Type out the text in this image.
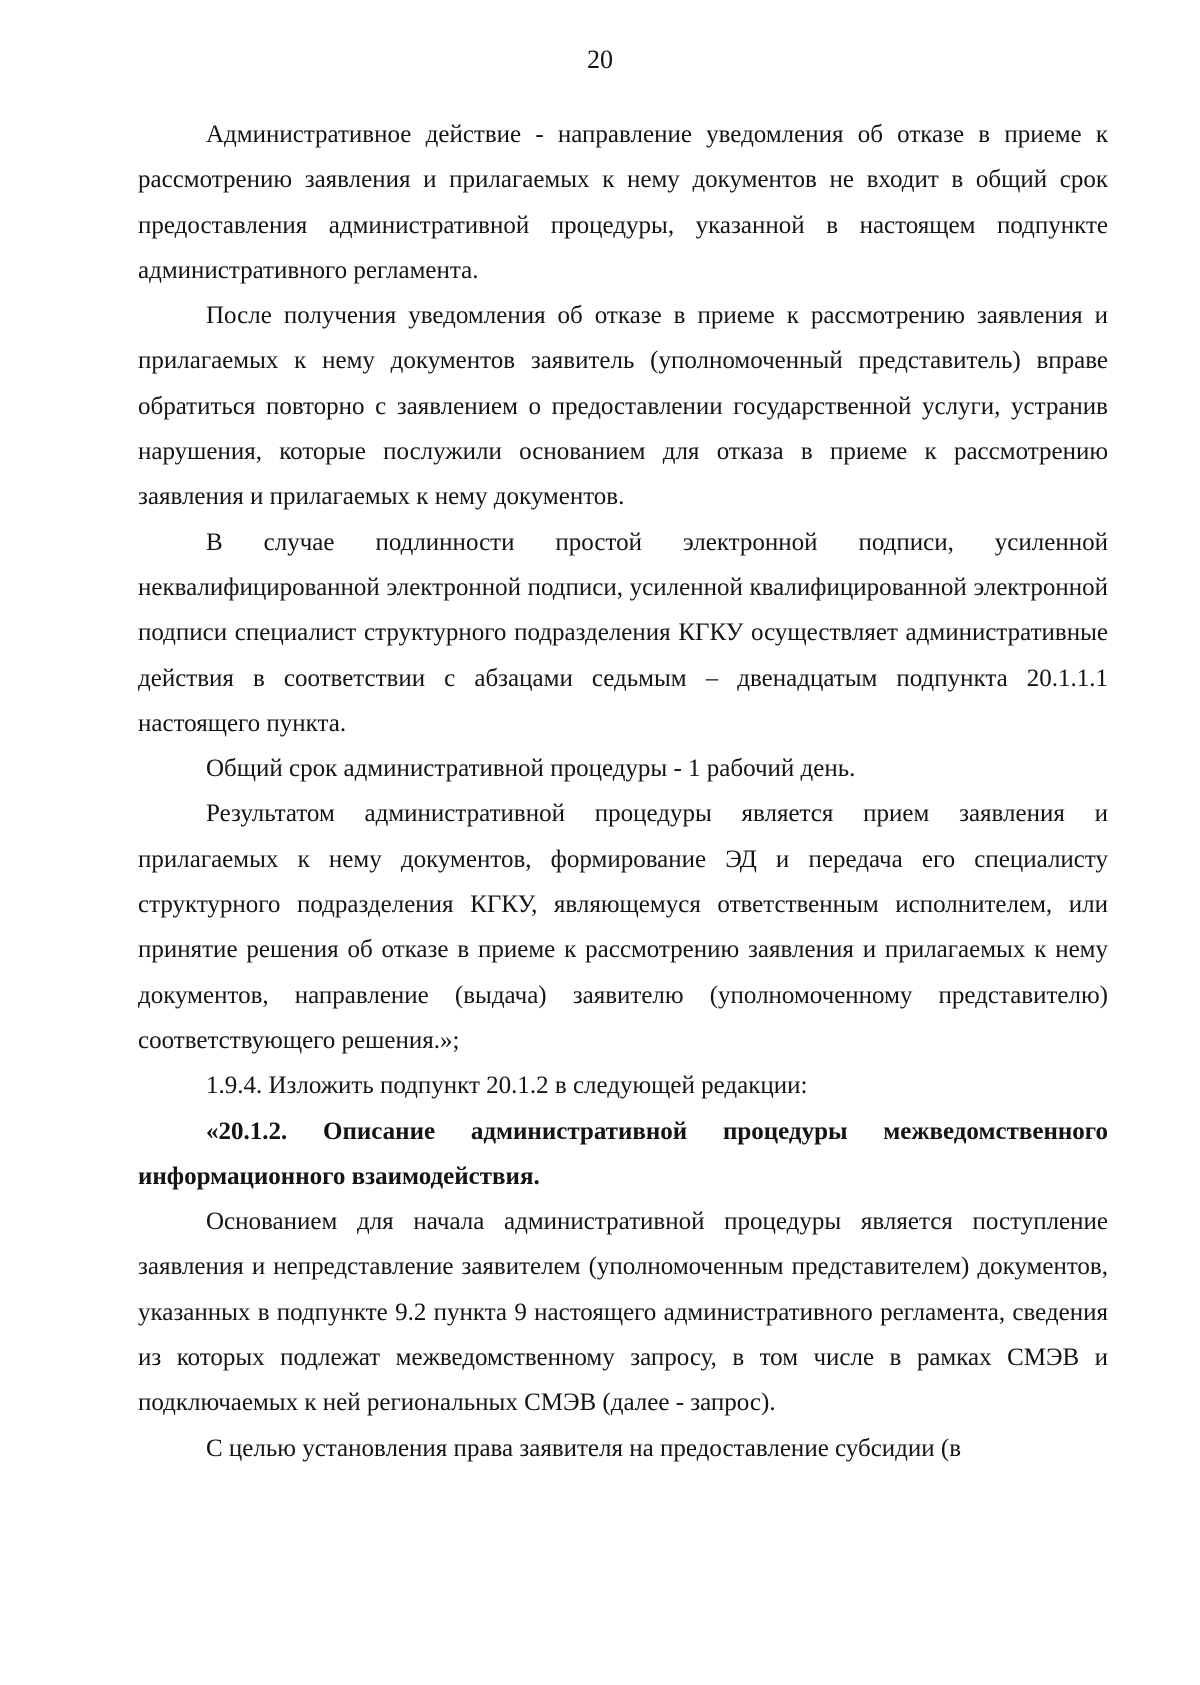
20

Административное действие - направление уведомления об отказе в приеме к рассмотрению заявления и прилагаемых к нему документов не входит в общий срок предоставления административной процедуры, указанной в настоящем подпункте административного регламента.

После получения уведомления об отказе в приеме к рассмотрению заявления и прилагаемых к нему документов заявитель (уполномоченный представитель) вправе обратиться повторно с заявлением о предоставлении государственной услуги, устранив нарушения, которые послужили основанием для отказа в приеме к рассмотрению заявления и прилагаемых к нему документов.

В случае подлинности простой электронной подписи, усиленной неквалифицированной электронной подписи, усиленной квалифицированной электронной подписи специалист структурного подразделения КГКУ осуществляет административные действия в соответствии с абзацами седьмым – двенадцатым подпункта 20.1.1.1 настоящего пункта.

Общий срок административной процедуры - 1 рабочий день.

Результатом административной процедуры является прием заявления и прилагаемых к нему документов, формирование ЭД и передача его специалисту структурного подразделения КГКУ, являющемуся ответственным исполнителем, или принятие решения об отказе в приеме к рассмотрению заявления и прилагаемых к нему документов, направление (выдача) заявителю (уполномоченному представителю) соответствующего решения.»;

1.9.4. Изложить подпункт 20.1.2 в следующей редакции:

«20.1.2. Описание административной процедуры межведомственного информационного взаимодействия.

Основанием для начала административной процедуры является поступление заявления и непредставление заявителем (уполномоченным представителем) документов, указанных в подпункте 9.2 пункта 9 настоящего административного регламента, сведения из которых подлежат межведомственному запросу, в том числе в рамках СМЭВ и подключаемых к ней региональных СМЭВ (далее - запрос).

С целью установления права заявителя на предоставление субсидии (в
